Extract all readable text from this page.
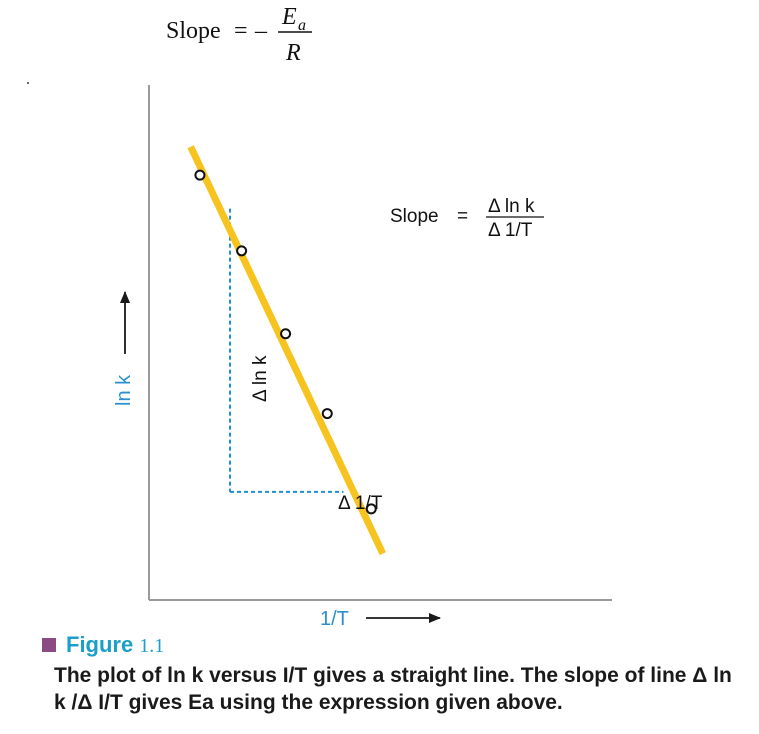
Slope = –
E a
R
Slope = Δ ln k
Δ 1/T
Δ ln k
Δ 1/T
ln k
1/T
Figure 1.1
The plot of ln k versus I/T gives a straight line. The slope of line Δ ln k /Δ I/T gives Ea using the expression given above.
